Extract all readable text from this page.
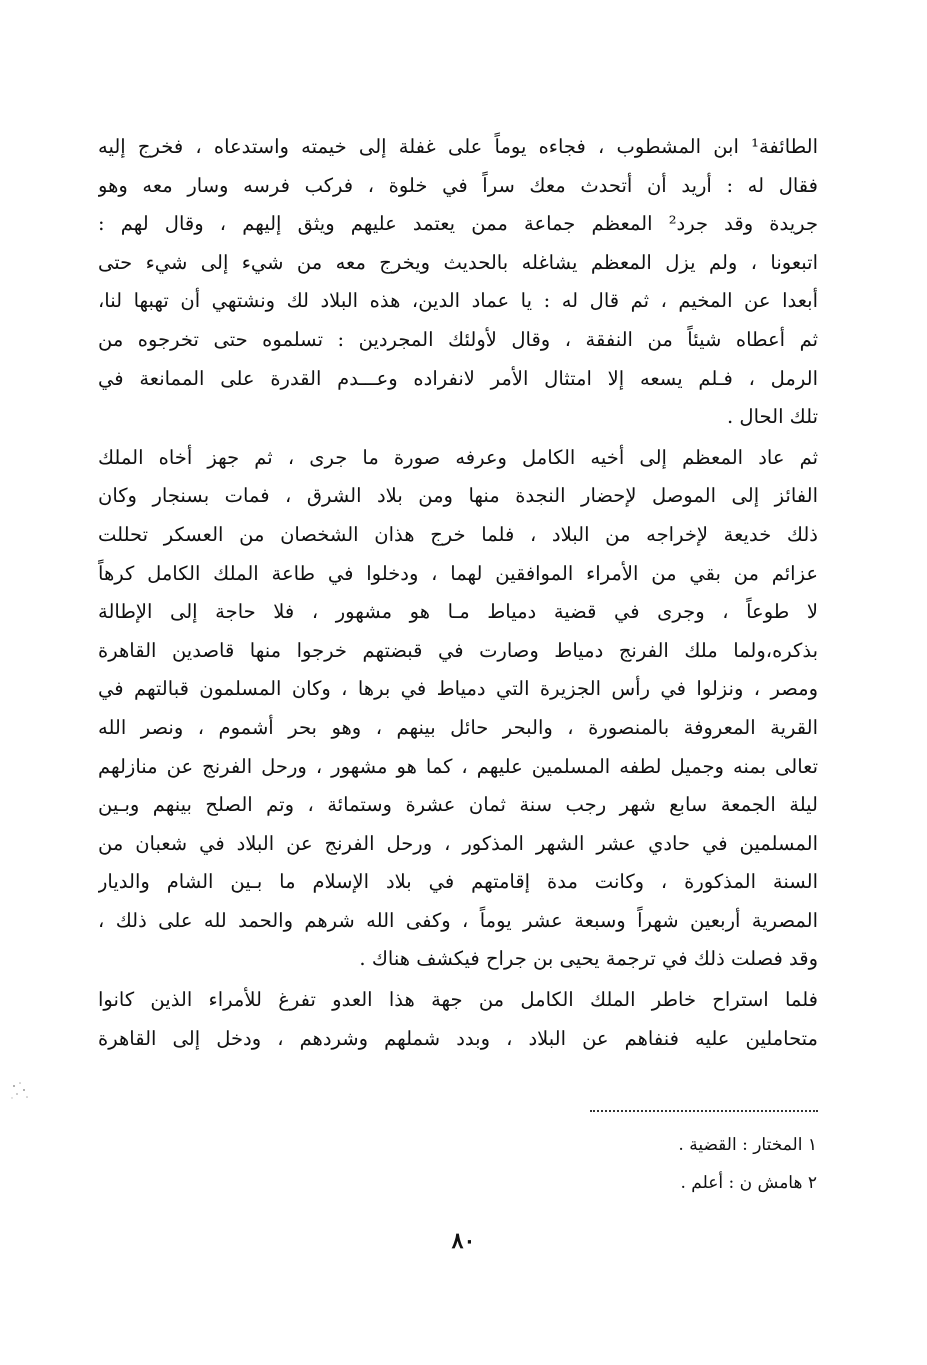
الطائفة¹ ابن المشطوب ، فجاءه يوماً على غفلة إلى خيمته واستدعاه ، فخرج إليه
فقال له : أريد أن أتحدث معك سراً في خلوة ، فركب فرسه وسار معه وهو
جريدة وقد جرد² المعظم جماعة ممن يعتمد عليهم ويثق إليهم ، وقال لهم :
اتبعونا ، ولم يزل المعظم يشاغله بالحديث ويخرج معه من شيء إلى شيء حتى
أبعدا عن المخيم ، ثم قال له : يا عماد الدين، هذه البلاد لك ونشتهي أن تهبها لنا،
ثم أعطاه شيئاً من النفقة ، وقال لأولئك المجردين : تسلموه حتى تخرجوه من
الرمل ، فـلم يسعه إلا امتثال الأمر لانفراده وعـــدم القدرة على الممانعة في
تلك الحال .
ثم عاد المعظم إلى أخيه الكامل وعرفه صورة ما جرى ، ثم جهز أخاه الملك
الفائز إلى الموصل لإحضار النجدة منها ومن بلاد الشرق ، فمات بسنجار وكان
ذلك خديعة لإخراجه من البلاد ، فلما خرج هذان الشخصان من العسكر تحللت
عزائم من بقي من الأمراء الموافقين لهما ، ودخلوا في طاعة الملك الكامل كرهاً
لا طوعاً ، وجرى في قضية دمياط مـا هو مشهور ، فلا حاجة إلى الإطالة
بذكره،ولما ملك الفرنج دمياط وصارت في قبضتهم خرجوا منها قاصدين القاهرة
ومصر ، ونزلوا في رأس الجزيرة التي دمياط في برها ، وكان المسلمون قبالتهم في
القرية المعروفة بالمنصورة ، والبحر حائل بينهم ، وهو بحر أشموم ، ونصر الله
تعالى بمنه وجميل لطفه المسلمين عليهم ، كما هو مشهور ، ورحل الفرنج عن منازلهم
ليلة الجمعة سابع شهر رجب سنة ثمان عشرة وستمائة ، وتم الصلح بينهم وبـين
المسلمين في حادي عشر الشهر المذكور ، ورحل الفرنج عن البلاد في شعبان من
السنة المذكورة ، وكانت مدة إقامتهم في بلاد الإسلام ما بـين الشام والديار
المصرية أربعين شهراً وسبعة عشر يوماً ، وكفى الله شرهم والحمد لله على ذلك ،
وقد فصلت ذلك في ترجمة يحيى بن جراح فيكشف هناك .
فلما استراح خاطر الملك الكامل من جهة هذا العدو تفرغ للأمراء الذين كانوا
متحاملين عليه فنفاهم عن البلاد ، وبدد شملهم وشردهم ، ودخل إلى القاهرة
١ المختار : القضية .
٢ هامش ن : أعلم .
٨٠
